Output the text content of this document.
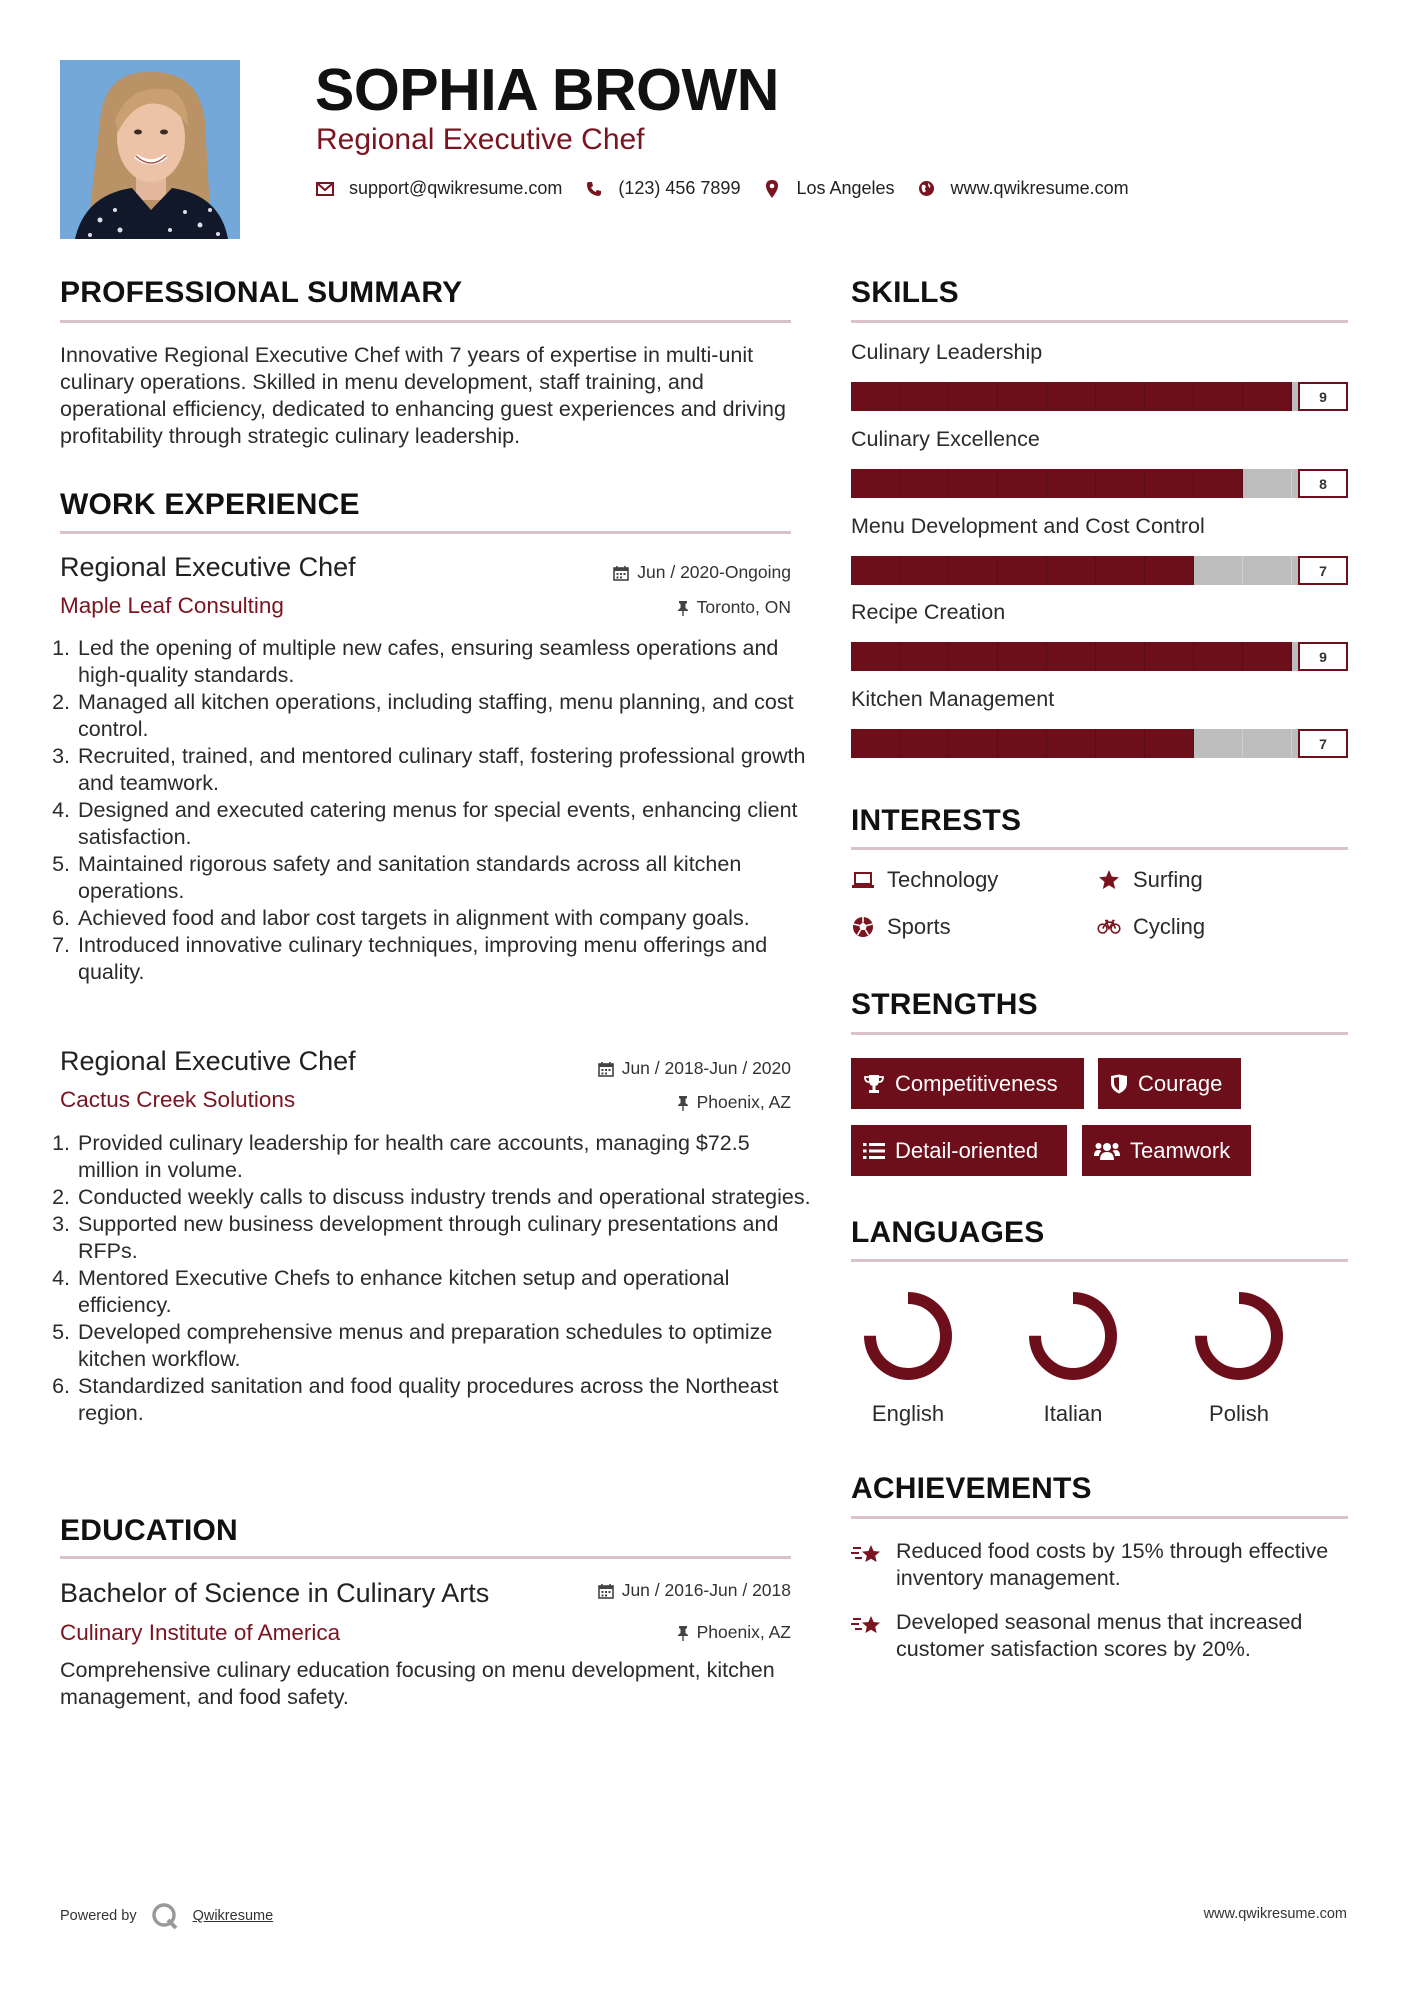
SOPHIA BROWN
Regional Executive Chef
support@qwikresume.com	(123) 456 7899	Los Angeles	www.qwikresume.com
PROFESSIONAL SUMMARY
Innovative Regional Executive Chef with 7 years of expertise in multi-unit culinary operations. Skilled in menu development, staff training, and operational efficiency, dedicated to enhancing guest experiences and driving profitability through strategic culinary leadership.
WORK EXPERIENCE
Regional Executive Chef	Jun / 2020-Ongoing
Maple Leaf Consulting	Toronto, ON
1. Led the opening of multiple new cafes, ensuring seamless operations and high-quality standards.
2. Managed all kitchen operations, including staffing, menu planning, and cost control.
3. Recruited, trained, and mentored culinary staff, fostering professional growth and teamwork.
4. Designed and executed catering menus for special events, enhancing client satisfaction.
5. Maintained rigorous safety and sanitation standards across all kitchen operations.
6. Achieved food and labor cost targets in alignment with company goals.
7. Introduced innovative culinary techniques, improving menu offerings and quality.
Regional Executive Chef	Jun / 2018-Jun / 2020
Cactus Creek Solutions	Phoenix, AZ
1. Provided culinary leadership for health care accounts, managing $72.5 million in volume.
2. Conducted weekly calls to discuss industry trends and operational strategies.
3. Supported new business development through culinary presentations and RFPs.
4. Mentored Executive Chefs to enhance kitchen setup and operational efficiency.
5. Developed comprehensive menus and preparation schedules to optimize kitchen workflow.
6. Standardized sanitation and food quality procedures across the Northeast region.
EDUCATION
Bachelor of Science in Culinary Arts	Jun / 2016-Jun / 2018
Culinary Institute of America	Phoenix, AZ
Comprehensive culinary education focusing on menu development, kitchen management, and food safety.
SKILLS
Culinary Leadership
9
Culinary Excellence
8
Menu Development and Cost Control
7
Recipe Creation
9
Kitchen Management
7
INTERESTS
Technology	Surfing
Sports	Cycling
STRENGTHS
Competitiveness	Courage
Detail-oriented	Teamwork
LANGUAGES
English	Italian	Polish
ACHIEVEMENTS
Reduced food costs by 15% through effective inventory management.
Developed seasonal menus that increased customer satisfaction scores by 20%.
Powered by	Qwikresume	www.qwikresume.com
